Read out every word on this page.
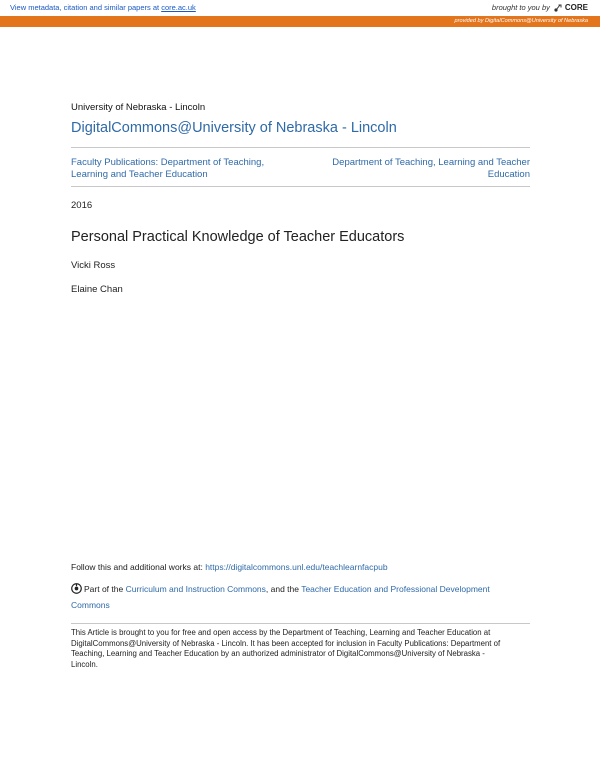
View metadata, citation and similar papers at core.ac.uk	brought to you by CORE
provided by DigitalCommons@University of Nebraska
University of Nebraska - Lincoln
DigitalCommons@University of Nebraska - Lincoln
Faculty Publications: Department of Teaching,
Learning and Teacher Education
Department of Teaching, Learning and Teacher
Education
2016
Personal Practical Knowledge of Teacher Educators
Vicki Ross
Elaine Chan
Follow this and additional works at: https://digitalcommons.unl.edu/teachlearnfacpub
Part of the Curriculum and Instruction Commons, and the Teacher Education and Professional Development Commons
This Article is brought to you for free and open access by the Department of Teaching, Learning and Teacher Education at DigitalCommons@University of Nebraska - Lincoln. It has been accepted for inclusion in Faculty Publications: Department of Teaching, Learning and Teacher Education by an authorized administrator of DigitalCommons@University of Nebraska - Lincoln.
